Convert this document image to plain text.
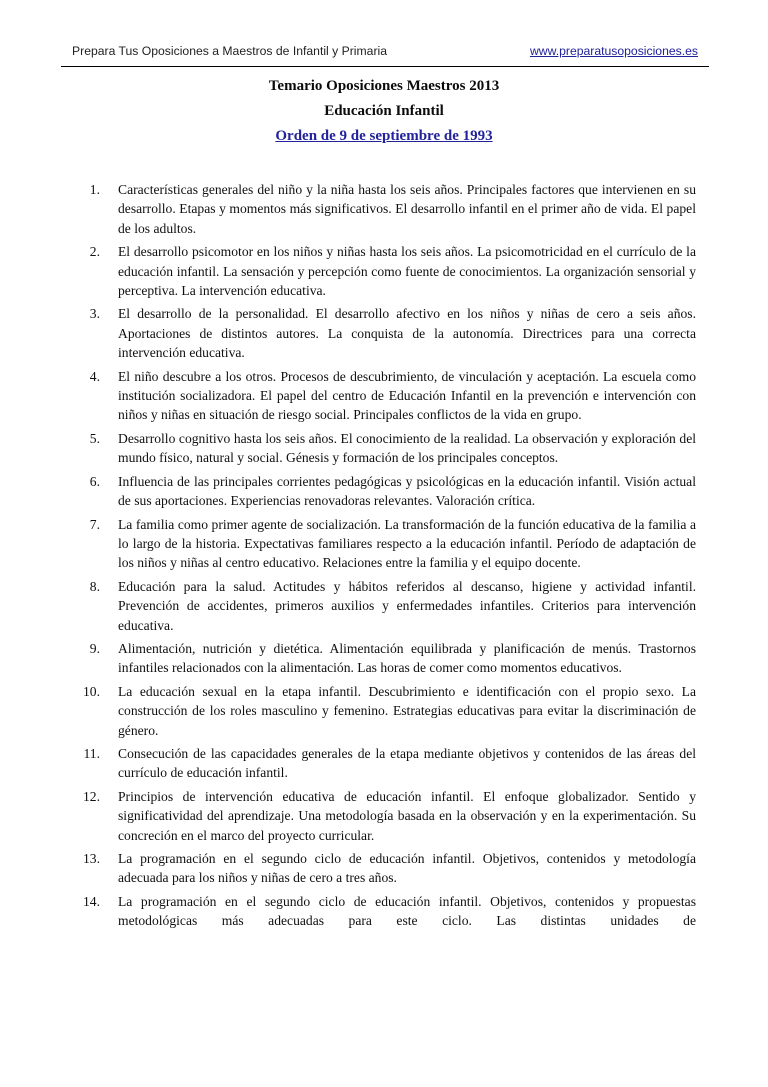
Prepara Tus Oposiciones a Maestros de Infantil y Primaria	www.preparatusoposiciones.es
Temario Oposiciones Maestros 2013
Educación Infantil
Orden de 9 de septiembre de 1993
1.	Características generales del niño y la niña hasta los seis años. Principales factores que intervienen en su desarrollo. Etapas y momentos más significativos. El desarrollo infantil en el primer año de vida. El papel de los adultos.
2.	El desarrollo psicomotor en los niños y niñas hasta los seis años. La psicomotricidad en el currículo de la educación infantil. La sensación y percepción como fuente de conocimientos. La organización sensorial y perceptiva. La intervención educativa.
3.	El desarrollo de la personalidad. El desarrollo afectivo en los niños y niñas de cero a seis años. Aportaciones de distintos autores. La conquista de la autonomía. Directrices para una correcta intervención educativa.
4.	El niño descubre a los otros. Procesos de descubrimiento, de vinculación y aceptación. La escuela como institución socializadora. El papel del centro de Educación Infantil en la prevención e intervención con niños y niñas en situación de riesgo social. Principales conflictos de la vida en grupo.
5.	Desarrollo cognitivo hasta los seis años. El conocimiento de la realidad. La observación y exploración del mundo físico, natural y social. Génesis y formación de los principales conceptos.
6.	Influencia de las principales corrientes pedagógicas y psicológicas en la educación infantil. Visión actual de sus aportaciones. Experiencias renovadoras relevantes. Valoración crítica.
7.	La familia como primer agente de socialización. La transformación de la función educativa de la familia a lo largo de la historia. Expectativas familiares respecto a la educación infantil. Período de adaptación de los niños y niñas al centro educativo. Relaciones entre la familia y el equipo docente.
8.	Educación para la salud. Actitudes y hábitos referidos al descanso, higiene y actividad infantil. Prevención de accidentes, primeros auxilios y enfermedades infantiles. Criterios para intervención educativa.
9.	Alimentación, nutrición y dietética. Alimentación equilibrada y planificación de menús. Trastornos infantiles relacionados con la alimentación. Las horas de comer como momentos educativos.
10.	La educación sexual en la etapa infantil. Descubrimiento e identificación con el propio sexo. La construcción de los roles masculino y femenino. Estrategias educativas para evitar la discriminación de género.
11.	Consecución de las capacidades generales de la etapa mediante objetivos y contenidos de las áreas del currículo de educación infantil.
12.	Principios de intervención educativa de educación infantil. El enfoque globalizador. Sentido y significatividad del aprendizaje. Una metodología basada en la observación y en la experimentación. Su concreción en el marco del proyecto curricular.
13.	La programación en el segundo ciclo de educación infantil. Objetivos, contenidos y metodología adecuada para los niños y niñas de cero a tres años.
14.	La programación en el segundo ciclo de educación infantil. Objetivos, contenidos y propuestas metodológicas más adecuadas para este ciclo. Las distintas unidades de
